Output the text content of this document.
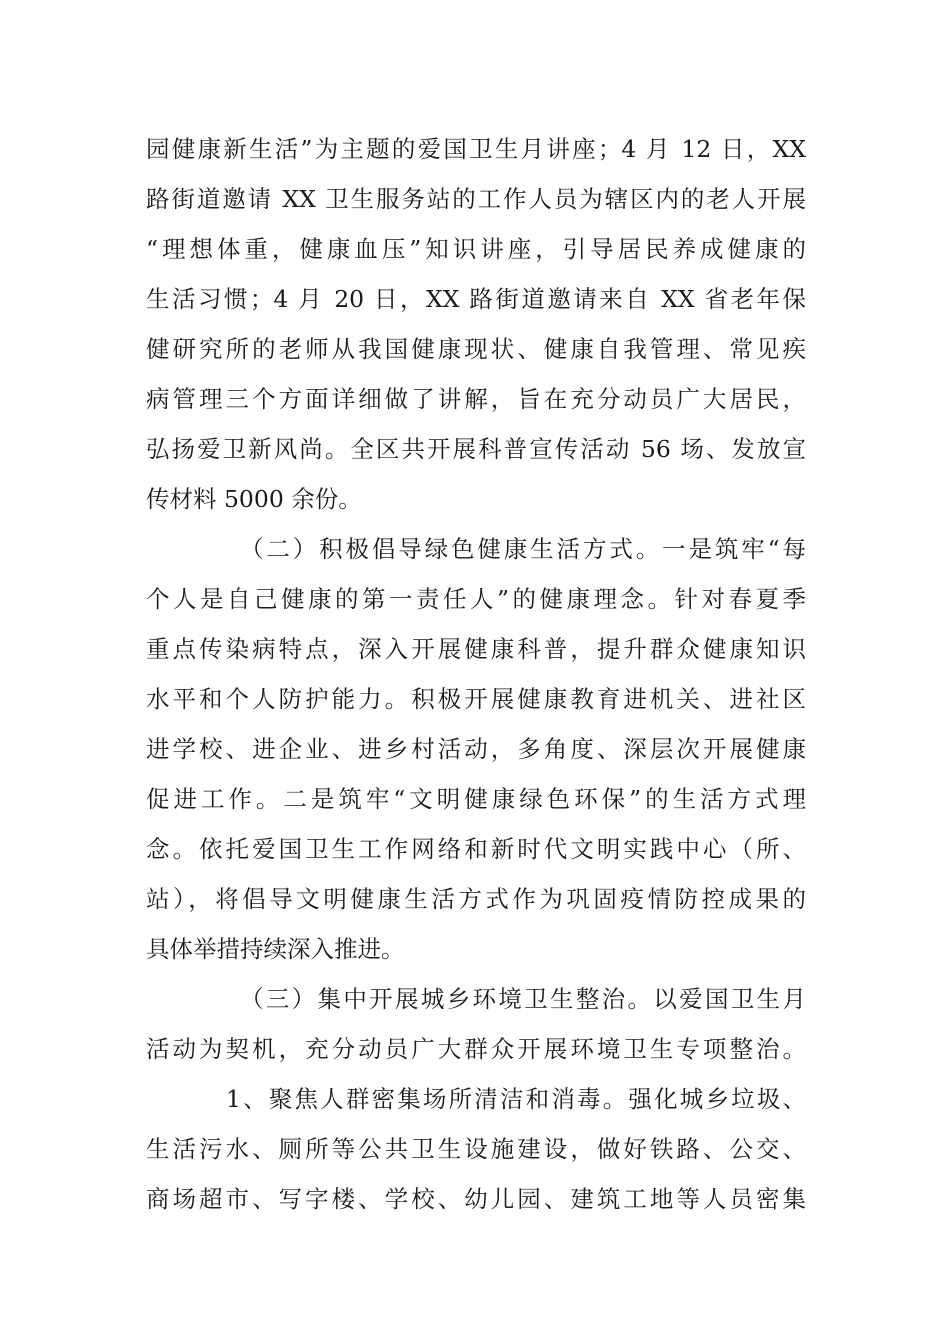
园健康新生活”为主题的爱国卫生月讲座；4 月 12 日，XX
路街道邀请 XX 卫生服务站的工作人员为辖区内的老人开展
“理想体重，健康血压”知识讲座，引导居民养成健康的
生活习惯；4 月 20 日，XX 路街道邀请来自 XX 省老年保
健研究所的老师从我国健康现状、健康自我管理、常见疾
病管理三个方面详细做了讲解，旨在充分动员广大居民，
弘扬爱卫新风尚。全区共开展科普宣传活动 56 场、发放宣
传材料 5000 余份。
（二）积极倡导绿色健康生活方式。一是筑牢“每
个人是自己健康的第一责任人”的健康理念。针对春夏季
重点传染病特点，深入开展健康科普，提升群众健康知识
水平和个人防护能力。积极开展健康教育进机关、进社区
进学校、进企业、进乡村活动，多角度、深层次开展健康
促进工作。二是筑牢“文明健康绿色环保”的生活方式理
念。依托爱国卫生工作网络和新时代文明实践中心（所、
站），将倡导文明健康生活方式作为巩固疫情防控成果的
具体举措持续深入推进。
（三）集中开展城乡环境卫生整治。以爱国卫生月
活动为契机，充分动员广大群众开展环境卫生专项整治。
1、聚焦人群密集场所清洁和消毒。强化城乡垃圾、
生活污水、厕所等公共卫生设施建设，做好铁路、公交、
商场超市、写字楼、学校、幼儿园、建筑工地等人员密集
